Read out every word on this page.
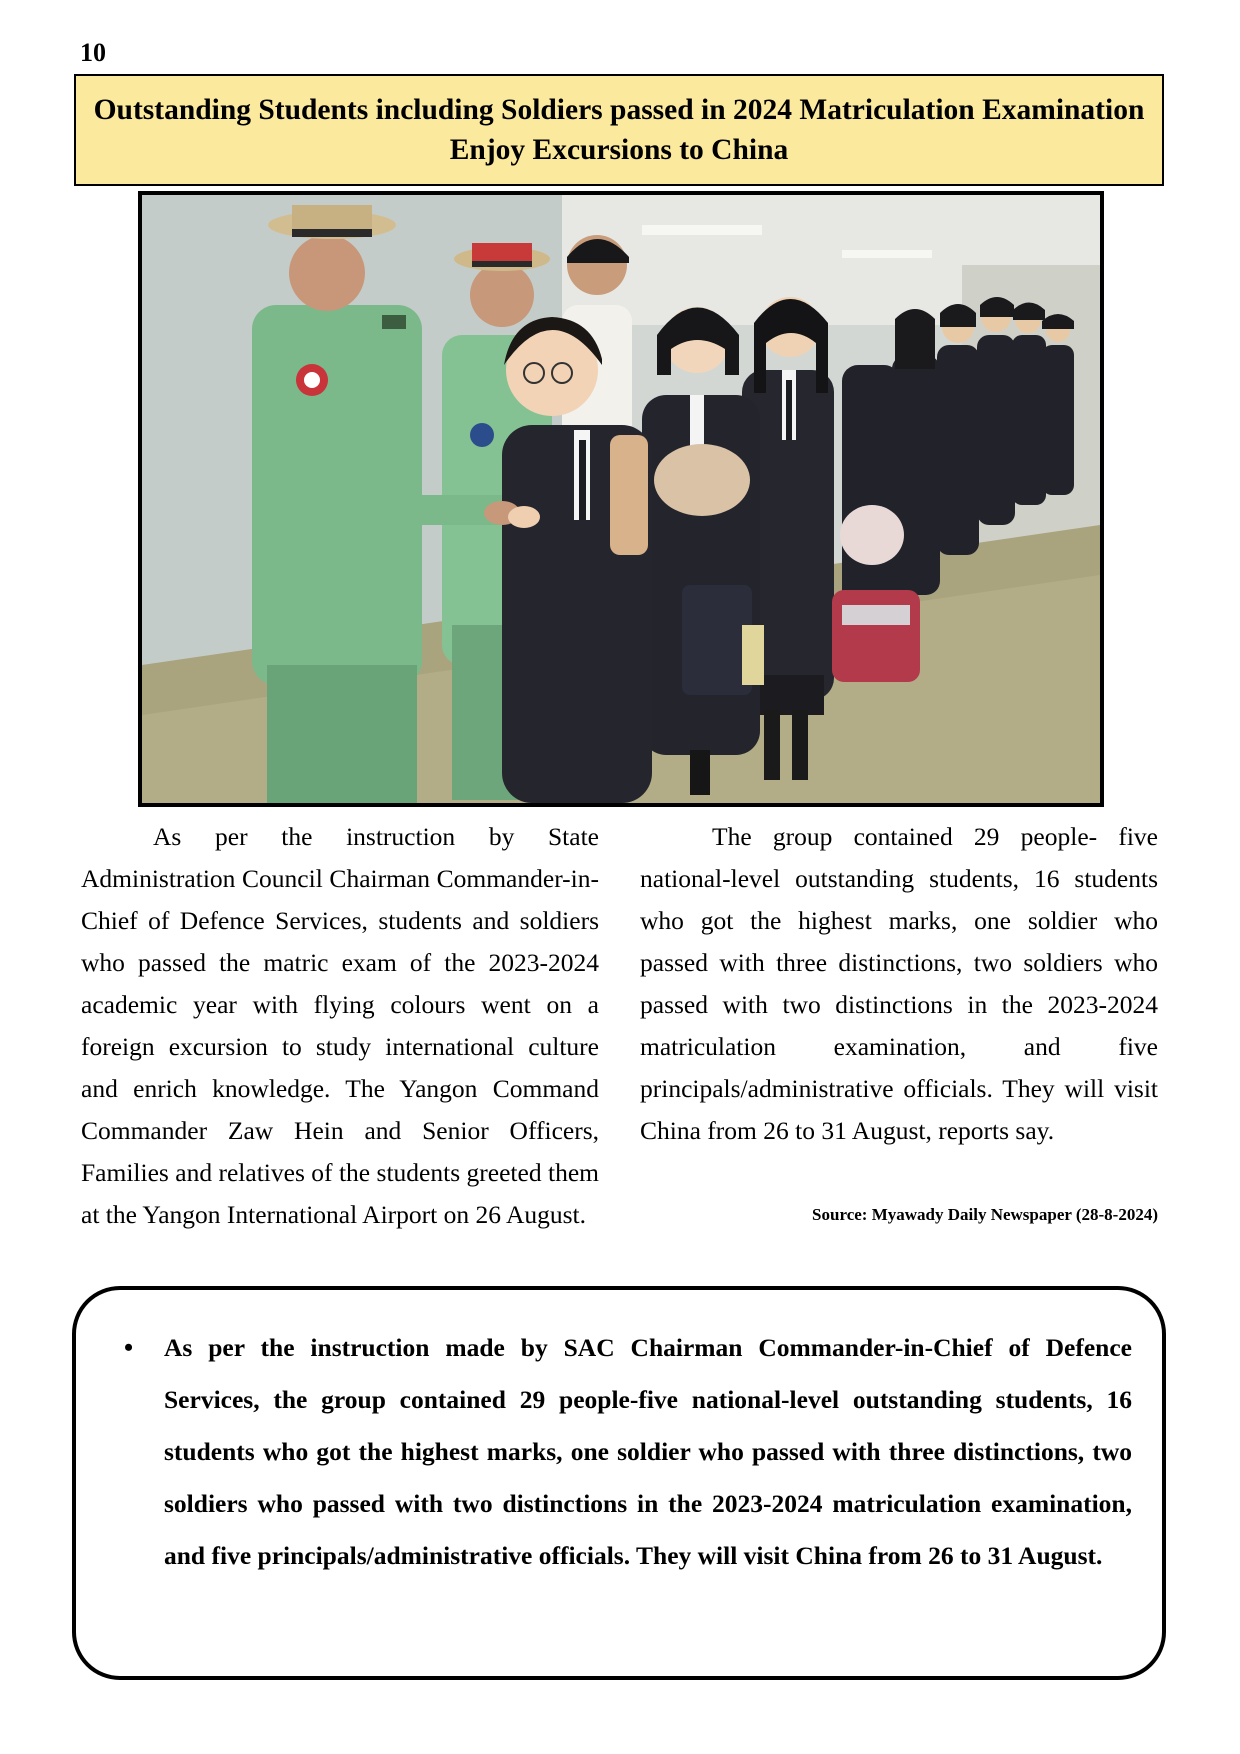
10
Outstanding Students including Soldiers passed in 2024 Matriculation Examination
Enjoy Excursions to China

As per the instruction by State Administration Council Chairman Commander-in-Chief of Defence Services, students and soldiers who passed the matric exam of the 2023-2024 academic year with flying colours went on a foreign excursion to study international culture and enrich knowledge. The Yangon Command Commander Zaw Hein and Senior Officers, Families and relatives of the students greeted them at the Yangon International Airport on 26 August.

The group contained 29 people- five national-level outstanding students, 16 students who got the highest marks, one soldier who passed with three distinctions, two soldiers who passed with two distinctions in the 2023-2024 matriculation examination, and five principals/administrative officials. They will visit China from 26 to 31 August, reports say.

Source: Myawady Daily Newspaper (28-8-2024)
• As per the instruction made by SAC Chairman Commander-in-Chief of Defence Services, the group contained 29 people-five national-level outstanding students, 16 students who got the highest marks, one soldier who passed with three distinctions, two soldiers who passed with two distinctions in the 2023-2024 matriculation examination, and five principals/administrative officials. They will visit China from 26 to 31 August.
